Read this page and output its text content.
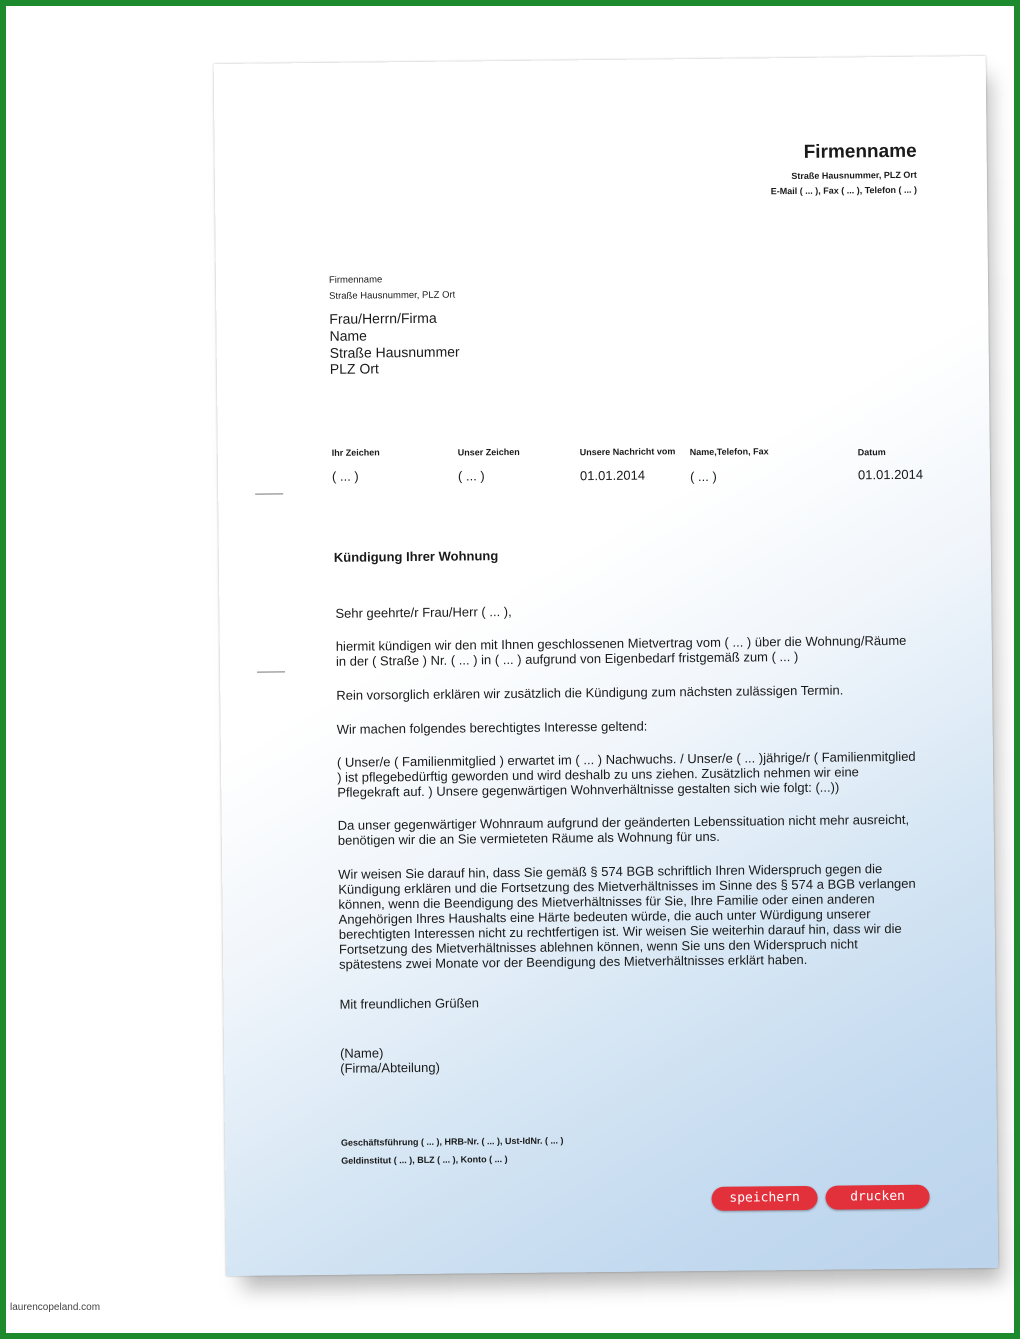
Firmenname
Straße Hausnummer, PLZ Ort
E-Mail ( ... ), Fax ( ... ), Telefon ( ... )
Firmenname
Straße Hausnummer, PLZ Ort
Frau/Herrn/Firma
Name
Straße Hausnummer
PLZ Ort
Ihr Zeichen
( ... )
Unser Zeichen
( ... )
Unsere Nachricht vom
01.01.2014
Name,Telefon, Fax
( ... )
Datum
01.01.2014
Kündigung Ihrer Wohnung
Sehr geehrte/r Frau/Herr ( ... ),
hiermit kündigen wir den mit Ihnen geschlossenen Mietvertrag vom ( ... ) über die Wohnung/Räume in der ( Straße ) Nr. ( ... ) in ( ... ) aufgrund von Eigenbedarf fristgemäß zum ( ... )
Rein vorsorglich erklären wir zusätzlich die Kündigung zum nächsten zulässigen Termin.
Wir machen folgendes berechtigtes Interesse geltend:
( Unser/e ( Familienmitglied ) erwartet im ( ... ) Nachwuchs. / Unser/e ( ... )jährige/r ( Familienmitglied ) ist pflegebedürftig geworden und wird deshalb zu uns ziehen. Zusätzlich nehmen wir eine Pflegekraft auf. ) Unsere gegenwärtigen Wohnverhältnisse gestalten sich wie folgt: (...))
Da unser gegenwärtiger Wohnraum aufgrund der geänderten Lebenssituation nicht mehr ausreicht, benötigen wir die an Sie vermieteten Räume als Wohnung für uns.
Wir weisen Sie darauf hin, dass Sie gemäß § 574 BGB schriftlich Ihren Widerspruch gegen die Kündigung erklären und die Fortsetzung des Mietverhältnisses im Sinne des § 574 a BGB verlangen können, wenn die Beendigung des Mietverhältnisses für Sie, Ihre Familie oder einen anderen Angehörigen Ihres Haushalts eine Härte bedeuten würde, die auch unter Würdigung unserer berechtigten Interessen nicht zu rechtfertigen ist. Wir weisen Sie weiterhin darauf hin, dass wir die Fortsetzung des Mietverhältnisses ablehnen können, wenn Sie uns den Widerspruch nicht spätestens zwei Monate vor der Beendigung des Mietverhältnisses erklärt haben.
Mit freundlichen Grüßen
(Name)
(Firma/Abteilung)
Geschäftsführung ( ... ), HRB-Nr. ( ... ), Ust-IdNr. ( ... )
Geldinstitut ( ... ), BLZ ( ... ), Konto ( ... )
speichern	drucken
laurencopeland.com
